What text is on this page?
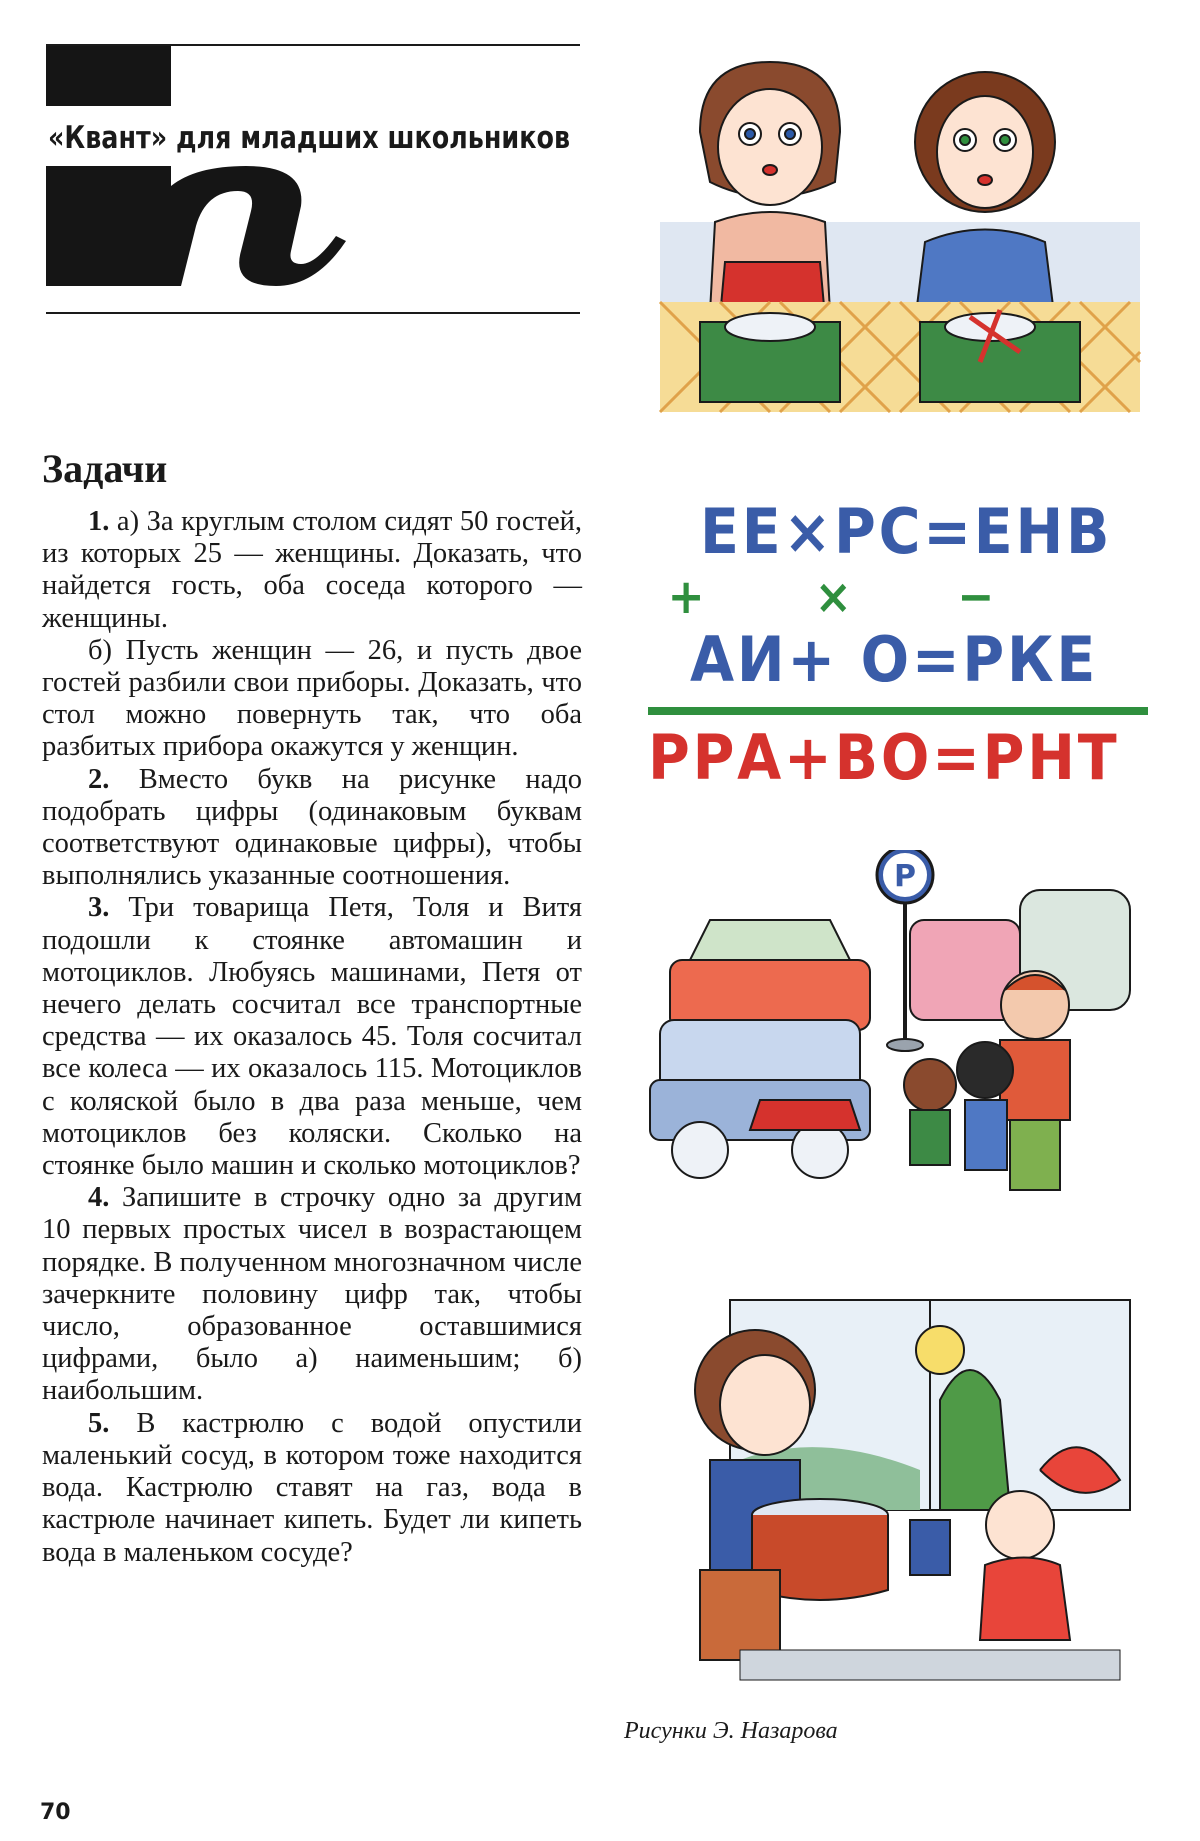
«Квант» для младших школьников
Задачи

1. а) За круглым столом сидят 50 гостей, из которых 25 — женщины. Доказать, что найдется гость, оба соседа которого — женщины.

б) Пусть женщин — 26, и пусть двое гостей разбили свои приборы. Доказать, что стол можно повернуть так, что оба разбитых прибора окажутся у женщин.

2. Вместо букв на рисунке надо подобрать цифры (одинаковым буквам соответствуют одинаковые цифры), чтобы выполнялись указанные соотношения.

3. Три товарища Петя, Толя и Витя подошли к стоянке автомашин и мотоциклов. Любуясь машинами, Петя от нечего делать сосчитал все транспортные средства — их оказалось 45. Толя сосчитал все колеса — их оказалось 115. Мотоциклов с коляской было в два раза меньше, чем мотоциклов без коляски. Сколько на стоянке было машин и сколько мотоциклов?

4. Запишите в строчку одно за другим 10 первых простых чисел в возрастающем порядке. В полученном многозначном числе зачеркните половину цифр так, чтобы число, образованное оставшимися цифрами, было а) наименьшим; б) наибольшим.

5. В кастрюлю с водой опустили маленький сосуд, в котором тоже находится вода. Кастрюлю ставят на газ, вода в кастрюле начинает кипеть. Будет ли кипеть вода в маленьком сосуде?

ЕЕ×РС=ЕНВ
+ × −
АИ+ О=РКЕ
РРА+ВО=РНТ
P
Рисунки Э. Назарова
70
